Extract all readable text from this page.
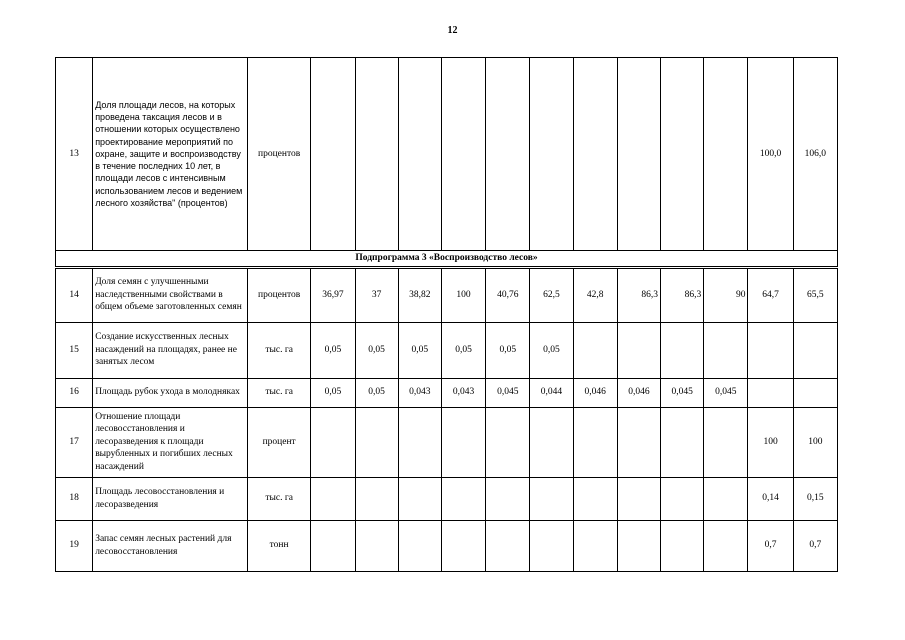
12
13	Доля площади лесов, на которых проведена таксация лесов и в отношении которых осуществлено проектирование мероприятий по охране, защите и воспроизводству в течение последних 10 лет, в площади лесов с интенсивным использованием лесов и ведением лесного хозяйства" (процентов)	процентов											100,0	106,0
Подпрограмма 3 «Воспроизводство лесов»														
14	Доля семян с улучшенными наследственными свойствами в общем объеме заготовленных семян	процентов	36,97	37	38,82	100	40,76	62,5	42,8	86,3	86,3	90	64,7	65,5
15	Создание искусственных лесных насаждений на площадях, ранее не занятых лесом	тыс. га	0,05	0,05	0,05	0,05	0,05	0,05						
16	Площадь рубок ухода в молодняках	тыс. га	0,05	0,05	0,043	0,043	0,045	0,044	0,046	0,046	0,045	0,045		
17	Отношение площади лесовосстановления и лесоразведения к площади вырубленных и погибших лесных насаждений	процент											100	100
18	Площадь лесовосстановления и лесоразведения	тыс. га											0,14	0,15
19	Запас семян лесных растений для лесовосстановления	тонн											0,7	0,7
